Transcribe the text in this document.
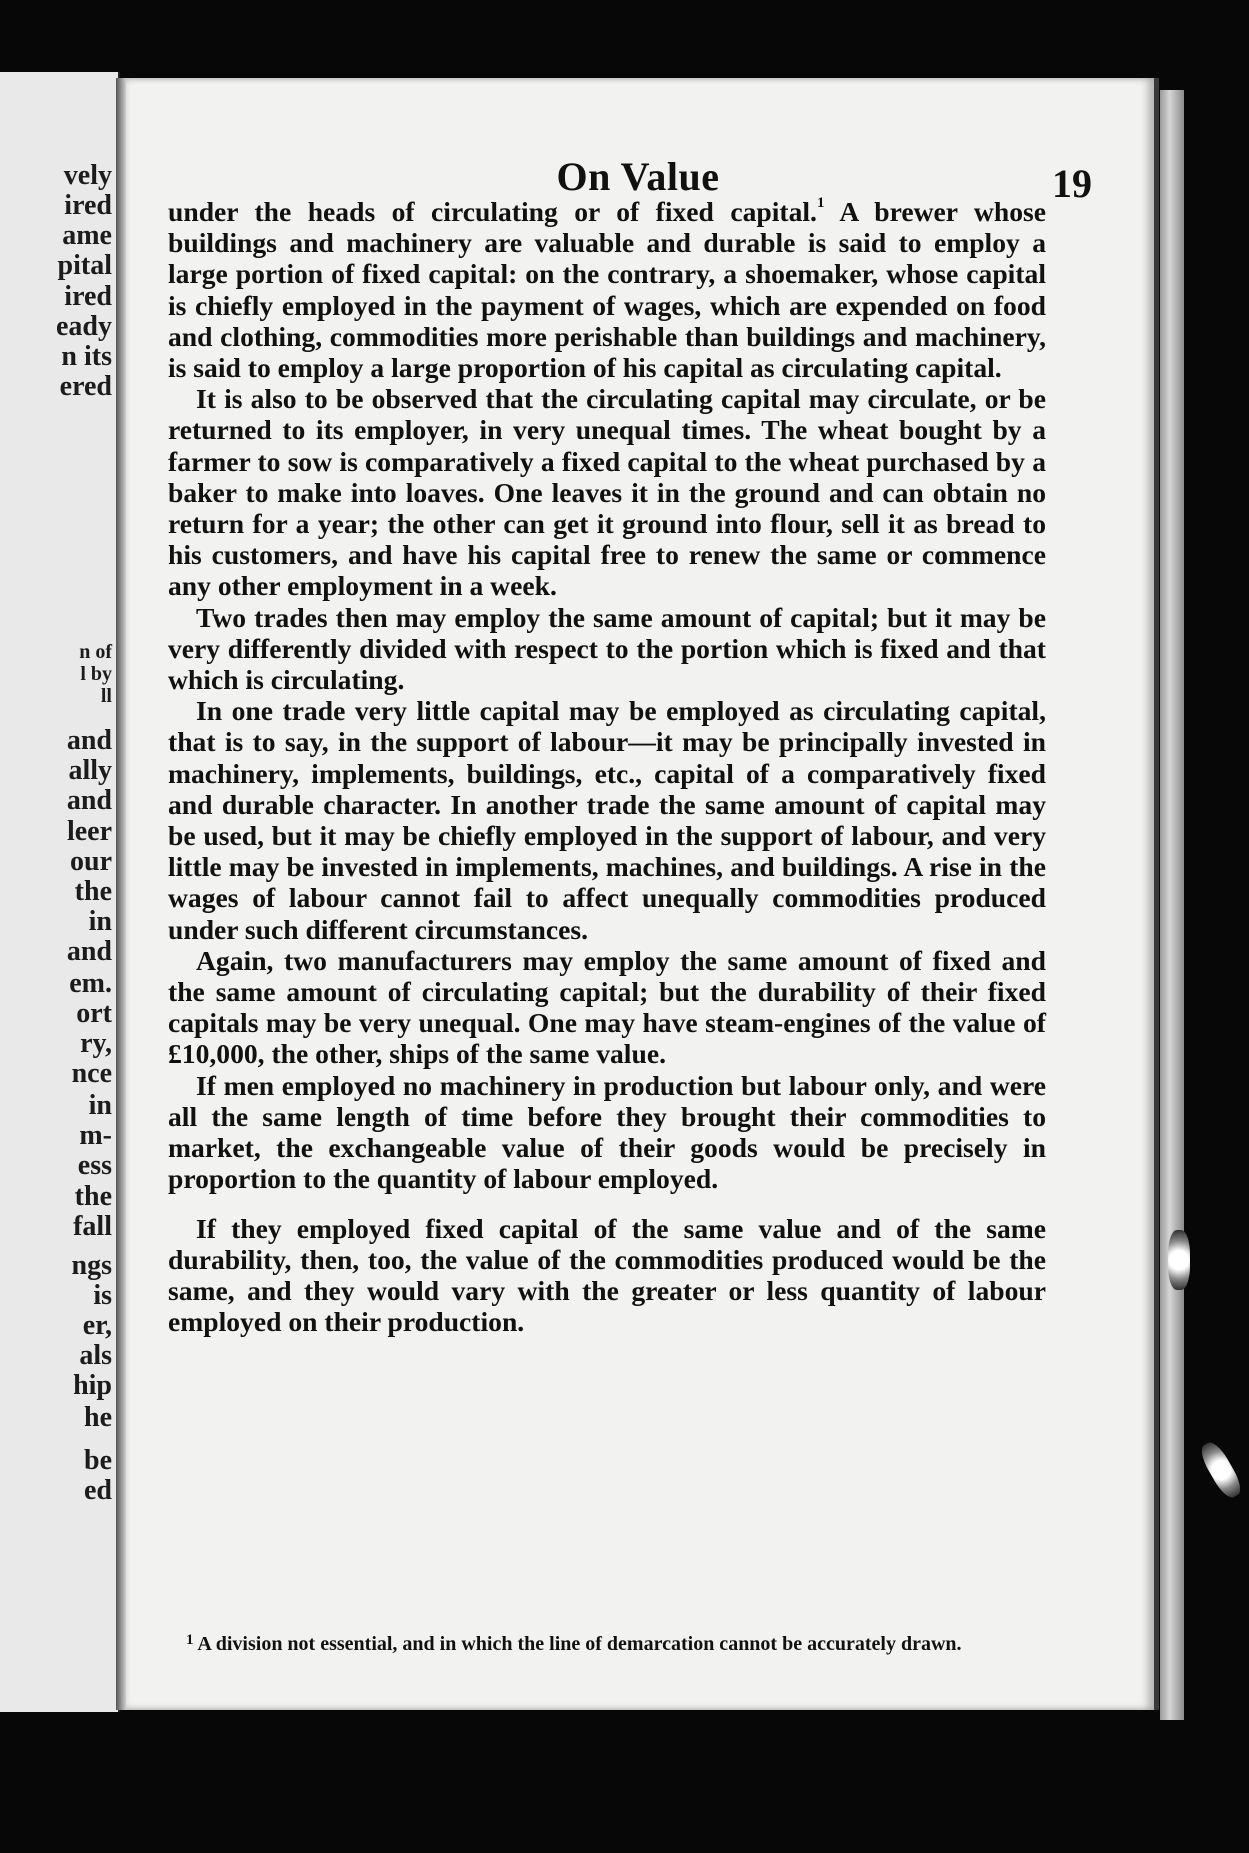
vely
ired
ame
pital
ired
eady
n its
ered
n of
l by
ll
and
ally
and
leer
our
the
in
and
em.
ort
ry,
nce
in
m-
ess
the
fall
ngs
is
er,
als
hip
he
be
ed
On Value	19

under the heads of circulating or of fixed capital.$^1$ A brewer whose buildings and machinery are valuable and durable is said to employ a large portion of fixed capital: on the contrary, a shoemaker, whose capital is chiefly employed in the payment of wages, which are expended on food and clothing, commodities more perishable than buildings and machinery, is said to employ a large proportion of his capital as circulating capital.

It is also to be observed that the circulating capital may circulate, or be returned to its employer, in very unequal times. The wheat bought by a farmer to sow is comparatively a fixed capital to the wheat purchased by a baker to make into loaves. One leaves it in the ground and can obtain no return for a year; the other can get it ground into flour, sell it as bread to his customers, and have his capital free to renew the same or commence any other employment in a week.

Two trades then may employ the same amount of capital; but it may be very differently divided with respect to the portion which is fixed and that which is circulating.

In one trade very little capital may be employed as circulating capital, that is to say, in the support of labour—it may be principally invested in machinery, implements, buildings, etc., capital of a comparatively fixed and durable character. In another trade the same amount of capital may be used, but it may be chiefly employed in the support of labour, and very little may be invested in implements, machines, and buildings. A rise in the wages of labour cannot fail to affect unequally commodities produced under such different circumstances.

Again, two manufacturers may employ the same amount of fixed and the same amount of circulating capital; but the durability of their fixed capitals may be very unequal. One may have steam-engines of the value of £10,000, the other, ships of the same value.

If men employed no machinery in production but labour only, and were all the same length of time before they brought their commodities to market, the exchangeable value of their goods would be precisely in proportion to the quantity of labour employed.

If they employed fixed capital of the same value and of the same durability, then, too, the value of the commodities produced would be the same, and they would vary with the greater or less quantity of labour employed on their production.

$^1$ A division not essential, and in which the line of demarcation cannot be accurately drawn.
